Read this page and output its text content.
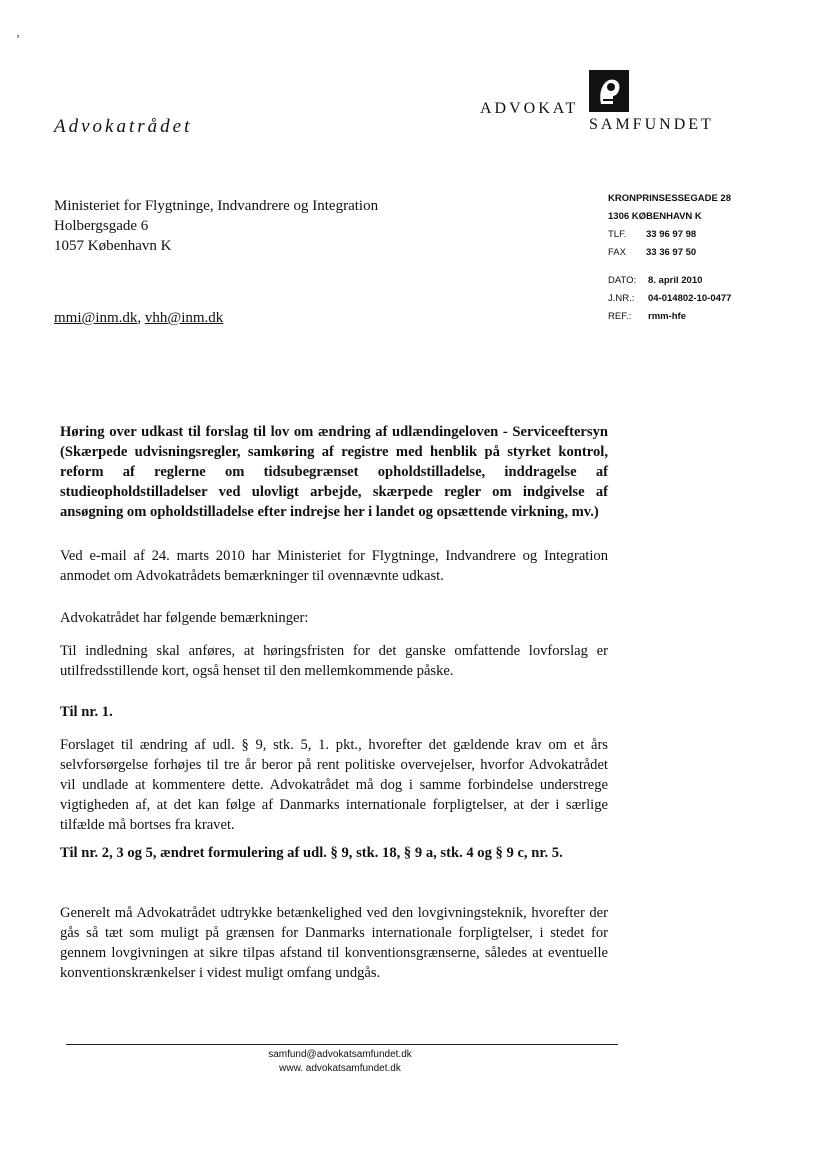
ʼ
Advokatrådet
ADVOKAT
SAMFUNDET
Ministeriet for Flygtninge, Indvandrere og Integration
Holbergsgade 6
1057 København K
mmi@inm.dk, vhh@inm.dk
KRONPRINSESSEGADE 28
1306 KØBENHAVN K
TLF. 33 96 97 98
FAX 33 36 97 50
DATO: 8. april 2010
J.NR.: 04-014802-10-0477
REF.: rmm-hfe
Høring over udkast til forslag til lov om ændring af udlændingeloven - Serviceeftersyn (Skærpede udvisningsregler, samkøring af registre med henblik på styrket kontrol, reform af reglerne om tidsubegrænset opholdstilladelse, inddragelse af studieopholdstilladelser ved ulovligt arbejde, skærpede regler om indgivelse af ansøgning om opholdstilladelse efter indrejse her i landet og opsættende virkning, mv.)
Ved e-mail af 24. marts 2010 har Ministeriet for Flygtninge, Indvandrere og Integration anmodet om Advokatrådets bemærkninger til ovennævnte udkast.
Advokatrådet har følgende bemærkninger:
Til indledning skal anføres, at høringsfristen for det ganske omfattende lovforslag er utilfredsstillende kort, også henset til den mellemkommende påske.
Til nr. 1.
Forslaget til ændring af udl. § 9, stk. 5, 1. pkt., hvorefter det gældende krav om et års selvforsørgelse forhøjes til tre år beror på rent politiske overvejelser, hvorfor Advokatrådet vil undlade at kommentere dette. Advokatrådet må dog i samme forbindelse understrege vigtigheden af, at det kan følge af Danmarks internationale forpligtelser, at der i særlige tilfælde må bortses fra kravet.
Til nr. 2, 3 og 5, ændret formulering af udl. § 9, stk. 18, § 9 a, stk. 4 og § 9 c, nr. 5.
Generelt må Advokatrådet udtrykke betænkelighed ved den lovgivningsteknik, hvorefter der gås så tæt som muligt på grænsen for Danmarks internationale forpligtelser, i stedet for gennem lovgivningen at sikre tilpas afstand til konventionsgrænserne, således at eventuelle konventionskrænkelser i videst muligt omfang undgås.
samfund@advokatsamfundet.dk
www. advokatsamfundet.dk
